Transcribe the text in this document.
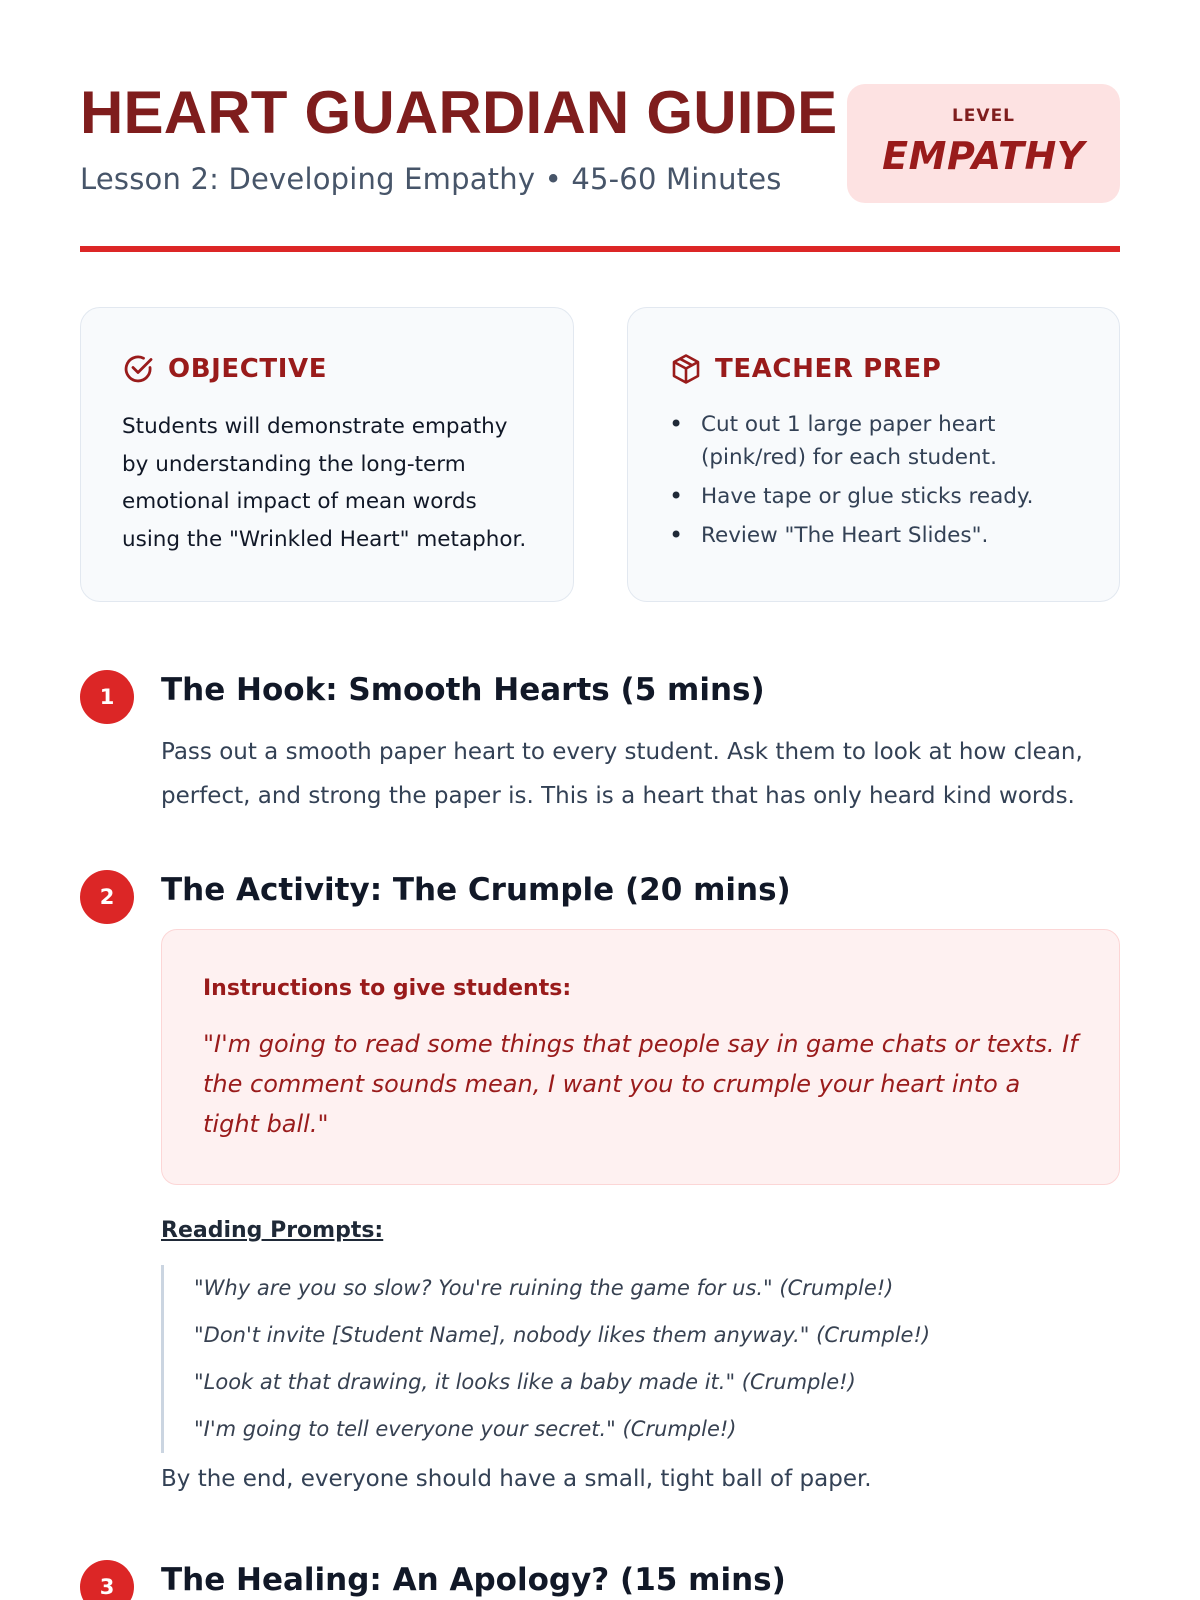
HEART GUARDIAN GUIDE
Lesson 2: Developing Empathy • 45-60 Minutes
LEVEL
EMPATHY
OBJECTIVE

Students will demonstrate empathy by understanding the long-term emotional impact of mean words using the "Wrinkled Heart" metaphor.

TEACHER PREP
• Cut out 1 large paper heart (pink/red) for each student.
• Have tape or glue sticks ready.
• Review "The Heart Slides".
1	The Hook: Smooth Hearts (5 mins)

Pass out a smooth paper heart to every student. Ask them to look at how clean, perfect, and strong the paper is. This is a heart that has only heard kind words.

2	The Activity: The Crumple (20 mins)
Instructions to give students:

"I'm going to read some things that people say in game chats or texts. If the comment sounds mean, I want you to crumple your heart into a tight ball."

Reading Prompts:
"Why are you so slow? You're ruining the game for us." (Crumple!)
"Don't invite [Student Name], nobody likes them anyway." (Crumple!)
"Look at that drawing, it looks like a baby made it." (Crumple!)
"I'm going to tell everyone your secret." (Crumple!)
By the end, everyone should have a small, tight ball of paper.
3	The Healing: An Apology? (15 mins)
